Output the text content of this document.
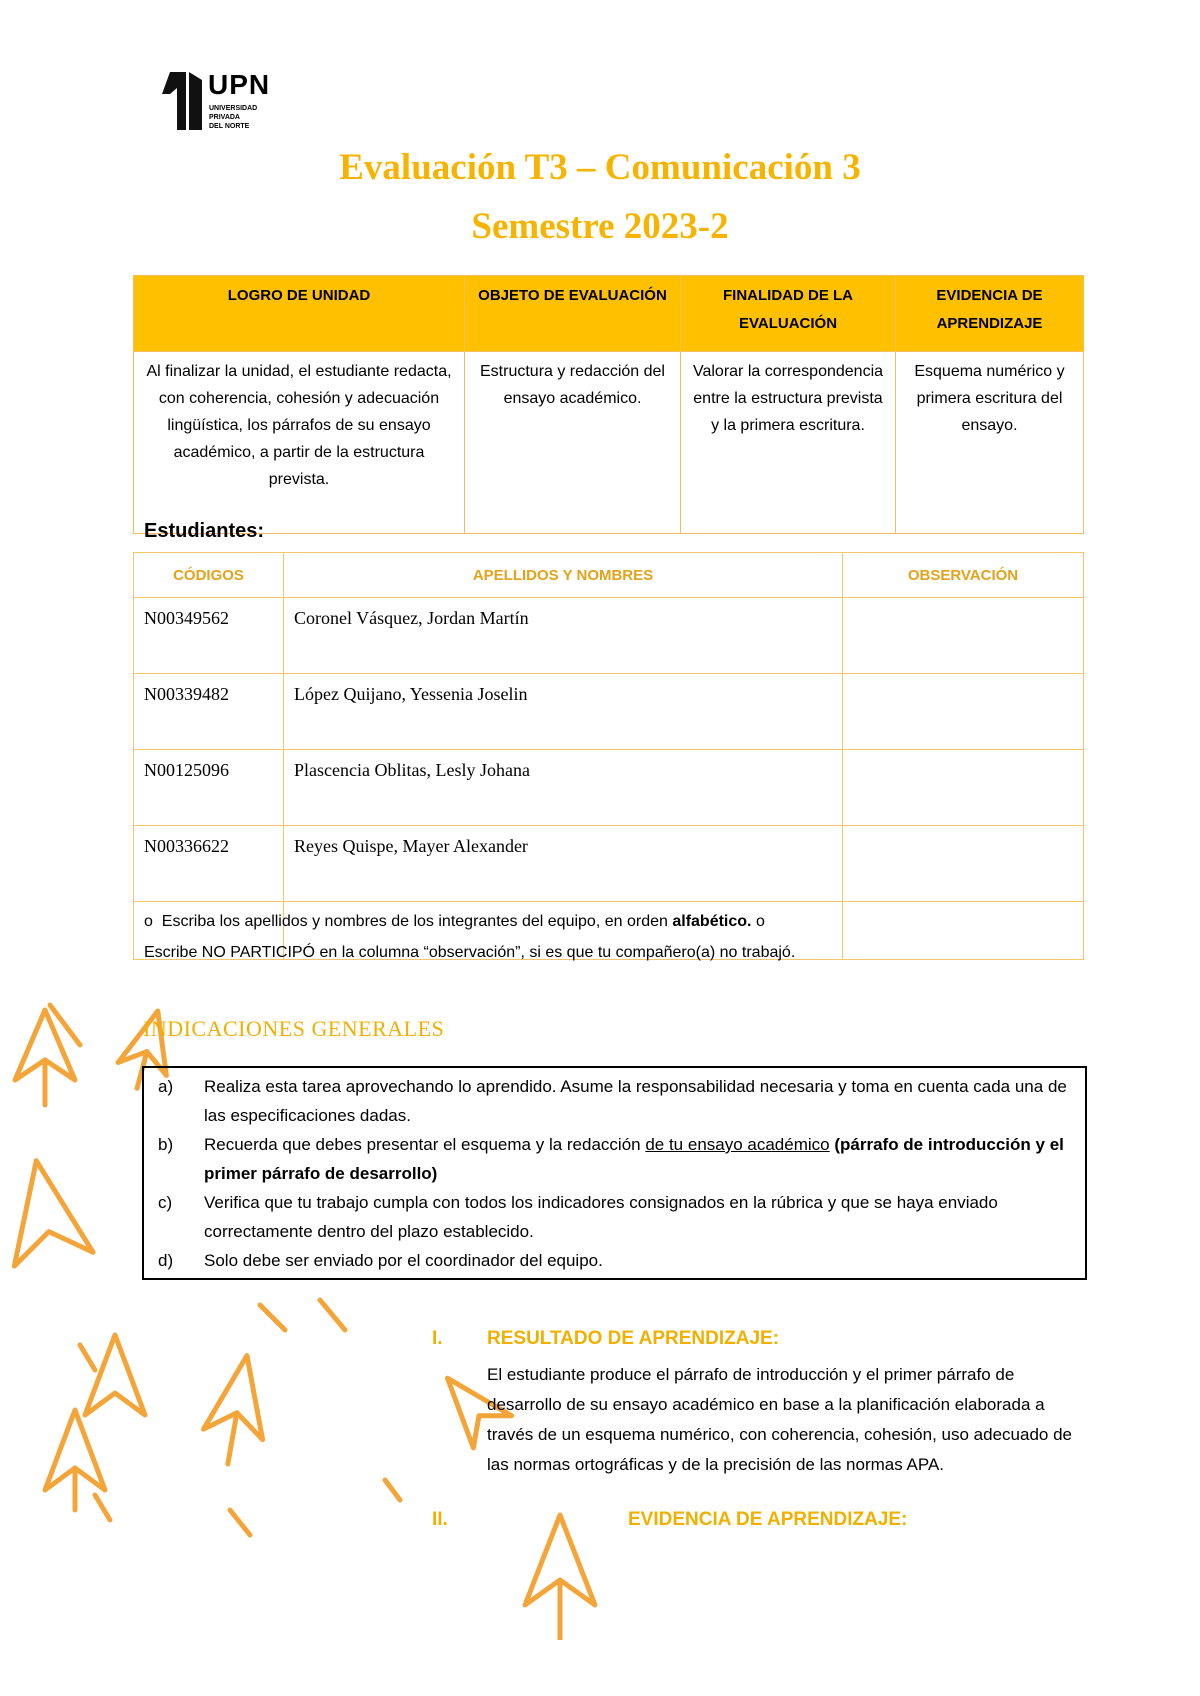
UPN
UNIVERSIDAD
PRIVADA
DEL NORTE
Evaluación T3 – Comunicación 3
Semestre 2023-2
LOGRO DE UNIDAD	OBJETO DE EVALUACIÓN	FINALIDAD DE LA EVALUACIÓN	EVIDENCIA DE APRENDIZAJE
Al finalizar la unidad, el estudiante redacta, con coherencia, cohesión y adecuación lingüística, los párrafos de su ensayo académico, a partir de la estructura prevista.	Estructura y redacción del ensayo académico.	Valorar la correspondencia entre la estructura prevista y la primera escritura.	Esquema numérico y primera escritura del ensayo.
Estudiantes:
CÓDIGOS	APELLIDOS Y NOMBRES	OBSERVACIÓN
N00349562	Coronel Vásquez, Jordan Martín	
N00339482	López Quijano, Yessenia Joselin	
N00125096	Plascencia Oblitas, Lesly Johana	
N00336622	Reyes Quispe, Mayer Alexander	

o Escriba los apellidos y nombres de los integrantes del equipo, en orden alfabético. o
Escribe NO PARTICIPÓ en la columna “observación”, si es que tu compañero(a) no trabajó.
INDICACIONES GENERALES
a)	Realiza esta tarea aprovechando lo aprendido. Asume la responsabilidad necesaria y toma en cuenta cada una de las especificaciones dadas.
b)	Recuerda que debes presentar el esquema y la redacción de tu ensayo académico (párrafo de introducción y el primer párrafo de desarrollo)
c)	Verifica que tu trabajo cumpla con todos los indicadores consignados en la rúbrica y que se haya enviado correctamente dentro del plazo establecido.
d)	Solo debe ser enviado por el coordinador del equipo.
I. RESULTADO DE APRENDIZAJE:
El estudiante produce el párrafo de introducción y el primer párrafo de desarrollo de su ensayo académico en base a la planificación elaborada a través de un esquema numérico, con coherencia, cohesión, uso adecuado de las normas ortográficas y de la precisión de las normas APA.
II.	EVIDENCIA DE APRENDIZAJE:
